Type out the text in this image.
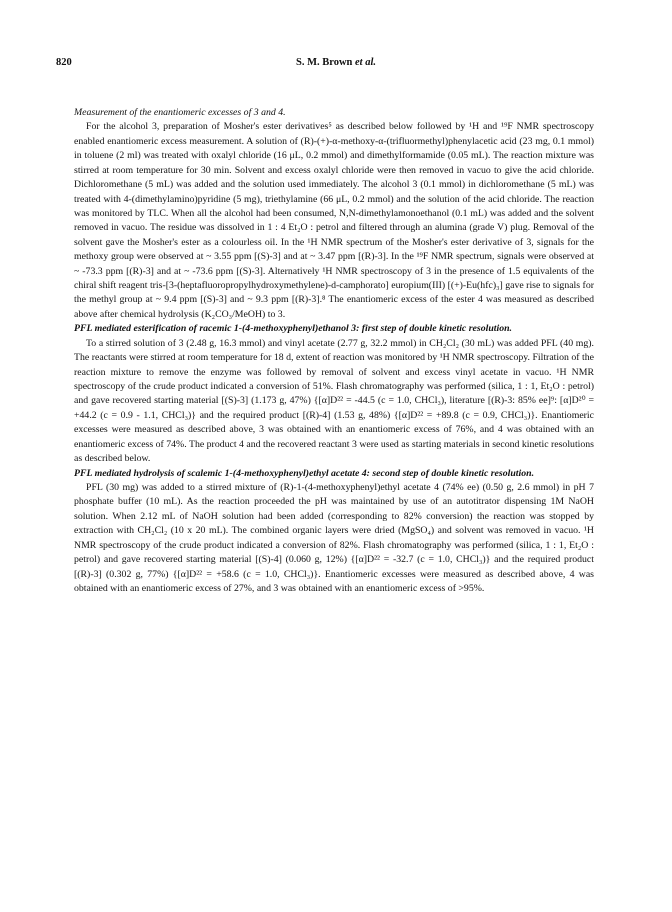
820	S. M. Brown et al.

Measurement of the enantiomeric excesses of 3 and 4.

For the alcohol 3, preparation of Mosher's ester derivatives⁵ as described below followed by ¹H and ¹⁹F NMR spectroscopy enabled enantiomeric excess measurement. A solution of (R)-(+)-α-methoxy-α-(trifluormethyl)phenylacetic acid (23 mg, 0.1 mmol) in toluene (2 ml) was treated with oxalyl chloride (16 μL, 0.2 mmol) and dimethylformamide (0.05 mL). The reaction mixture was stirred at room temperature for 30 min. Solvent and excess oxalyl chloride were then removed in vacuo to give the acid chloride. Dichloromethane (5 mL) was added and the solution used immediately. The alcohol 3 (0.1 mmol) in dichloromethane (5 mL) was treated with 4-(dimethylamino)pyridine (5 mg), triethylamine (66 μL, 0.2 mmol) and the solution of the acid chloride. The reaction was monitored by TLC. When all the alcohol had been consumed, N,N-dimethylamonoethanol (0.1 mL) was added and the solvent removed in vacuo. The residue was dissolved in 1 : 4 Et₂O : petrol and filtered through an alumina (grade V) plug. Removal of the solvent gave the Mosher's ester as a colourless oil. In the ¹H NMR spectrum of the Mosher's ester derivative of 3, signals for the methoxy group were observed at ~ 3.55 ppm [(S)-3] and at ~ 3.47 ppm [(R)-3]. In the ¹⁹F NMR spectrum, signals were observed at ~ -73.3 ppm [(R)-3] and at ~ -73.6 ppm [(S)-3]. Alternatively ¹H NMR spectroscopy of 3 in the presence of 1.5 equivalents of the chiral shift reagent tris-[3-(heptafluoropropylhydroxymethylene)-d-camphorato] europium(III) [(+)-Eu(hfc)₃] gave rise to signals for the methyl group at ~ 9.4 ppm [(S)-3] and ~ 9.3 ppm [(R)-3].⁸ The enantiomeric excess of the ester 4 was measured as described above after chemical hydrolysis (K₂CO₃/MeOH) to 3.

PFL mediated esterification of racemic 1-(4-methoxyphenyl)ethanol 3: first step of double kinetic resolution.

To a stirred solution of 3 (2.48 g, 16.3 mmol) and vinyl acetate (2.77 g, 32.2 mmol) in CH₂Cl₂ (30 mL) was added PFL (40 mg). The reactants were stirred at room temperature for 18 d, extent of reaction was monitored by ¹H NMR spectroscopy. Filtration of the reaction mixture to remove the enzyme was followed by removal of solvent and excess vinyl acetate in vacuo. ¹H NMR spectroscopy of the crude product indicated a conversion of 51%. Flash chromatography was performed (silica, 1 : 1, Et₂O : petrol) and gave recovered starting material [(S)-3] (1.173 g, 47%) {[α]D²² = -44.5 (c = 1.0, CHCl₃), literature [(R)-3: 85% ee]⁹: [α]D²⁰ = +44.2 (c = 0.9 - 1.1, CHCl₃)} and the required product [(R)-4] (1.53 g, 48%) {[α]D²² = +89.8 (c = 0.9, CHCl₃)}. Enantiomeric excesses were measured as described above, 3 was obtained with an enantiomeric excess of 76%, and 4 was obtained with an enantiomeric excess of 74%. The product 4 and the recovered reactant 3 were used as starting materials in second kinetic resolutions as described below.

PFL mediated hydrolysis of scalemic 1-(4-methoxyphenyl)ethyl acetate 4: second step of double kinetic resolution.

PFL (30 mg) was added to a stirred mixture of (R)-1-(4-methoxyphenyl)ethyl acetate 4 (74% ee) (0.50 g, 2.6 mmol) in pH 7 phosphate buffer (10 mL). As the reaction proceeded the pH was maintained by use of an autotitrator dispensing 1M NaOH solution. When 2.12 mL of NaOH solution had been added (corresponding to 82% conversion) the reaction was stopped by extraction with CH₂Cl₂ (10 x 20 mL). The combined organic layers were dried (MgSO₄) and solvent was removed in vacuo. ¹H NMR spectroscopy of the crude product indicated a conversion of 82%. Flash chromatography was performed (silica, 1 : 1, Et₂O : petrol) and gave recovered starting material [(S)-4] (0.060 g, 12%) {[α]D²² = -32.7 (c = 1.0, CHCl₃)} and the required product [(R)-3] (0.302 g, 77%) {[α]D²² = +58.6 (c = 1.0, CHCl₃)}. Enantiomeric excesses were measured as described above, 4 was obtained with an enantiomeric excess of 27%, and 3 was obtained with an enantiomeric excess of >95%.
